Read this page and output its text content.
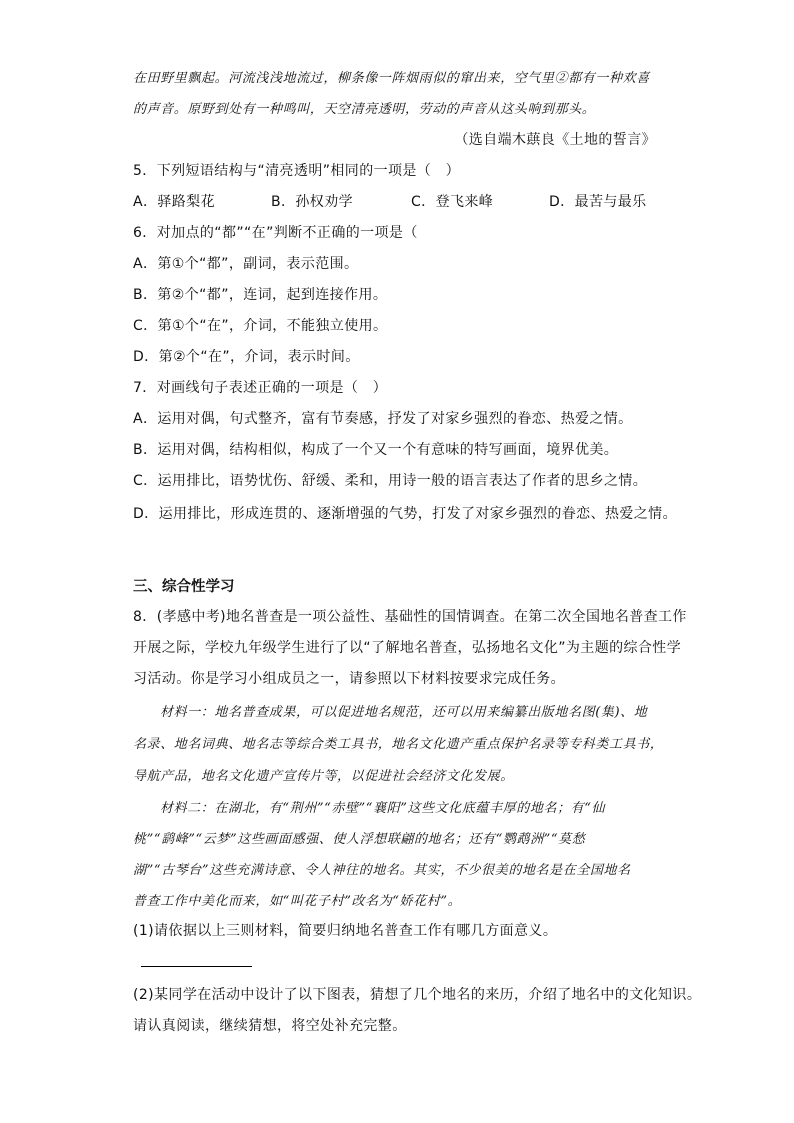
在田野里飘起。河流浅浅地流过，柳条像一阵烟雨似的窜出来，空气里②都有一种欢喜
的声音。原野到处有一种鸣叫，天空清亮透明，劳动的声音从这头响到那头。
（选自端木蕻良《土地的誓言》
5．下列短语结构与“清亮透明”相同的一项是（　）
A．驿路梨花	B．孙权劝学	C．登飞来峰	D．最苦与最乐
6．对加点的“都”“在”判断不正确的一项是（
A．第①个“都”，副词，表示范围。
B．第②个“都”，连词，起到连接作用。
C．第①个“在”，介词，不能独立使用。
D．第②个“在”，介词，表示时间。
7．对画线句子表述正确的一项是（　）
A．运用对偶，句式整齐，富有节奏感，抒发了对家乡强烈的眷恋、热爱之情。
B．运用对偶，结构相似，构成了一个又一个有意味的特写画面，境界优美。
C．运用排比，语势忧伤、舒缓、柔和，用诗一般的语言表达了作者的思乡之情。
D．运用排比，形成连贯的、逐渐增强的气势，打发了对家乡强烈的眷恋、热爱之情。
三、综合性学习
8．(孝感中考)地名普查是一项公益性、基础性的国情调查。在第二次全国地名普查工作
开展之际，学校九年级学生进行了以“了解地名普查，弘扬地名文化”为主题的综合性学
习活动。你是学习小组成员之一，请参照以下材料按要求完成任务。
材料一：地名普查成果，可以促进地名规范，还可以用来编纂出版地名图(集)、地
名录、地名词典、地名志等综合类工具书，地名文化遗产重点保护名录等专科类工具书，
导航产品，地名文化遗产宣传片等，以促进社会经济文化发展。
材料二：在湖北，有“荆州”“赤壁”“襄阳”这些文化底蕴丰厚的地名；有“仙
桃”“鹞峰”“云梦”这些画面感强、使人浮想联翩的地名；还有“鹦鹉洲”“莫愁
湖”“古琴台”这些充满诗意、令人神往的地名。其实，不少很美的地名是在全国地名
普查工作中美化而来，如“叫花子村”改名为“娇花村”。
(1)请依据以上三则材料，简要归纳地名普查工作有哪几方面意义。
(2)某同学在活动中设计了以下图表，猜想了几个地名的来历，介绍了地名中的文化知识。
请认真阅读，继续猜想，将空处补充完整。
